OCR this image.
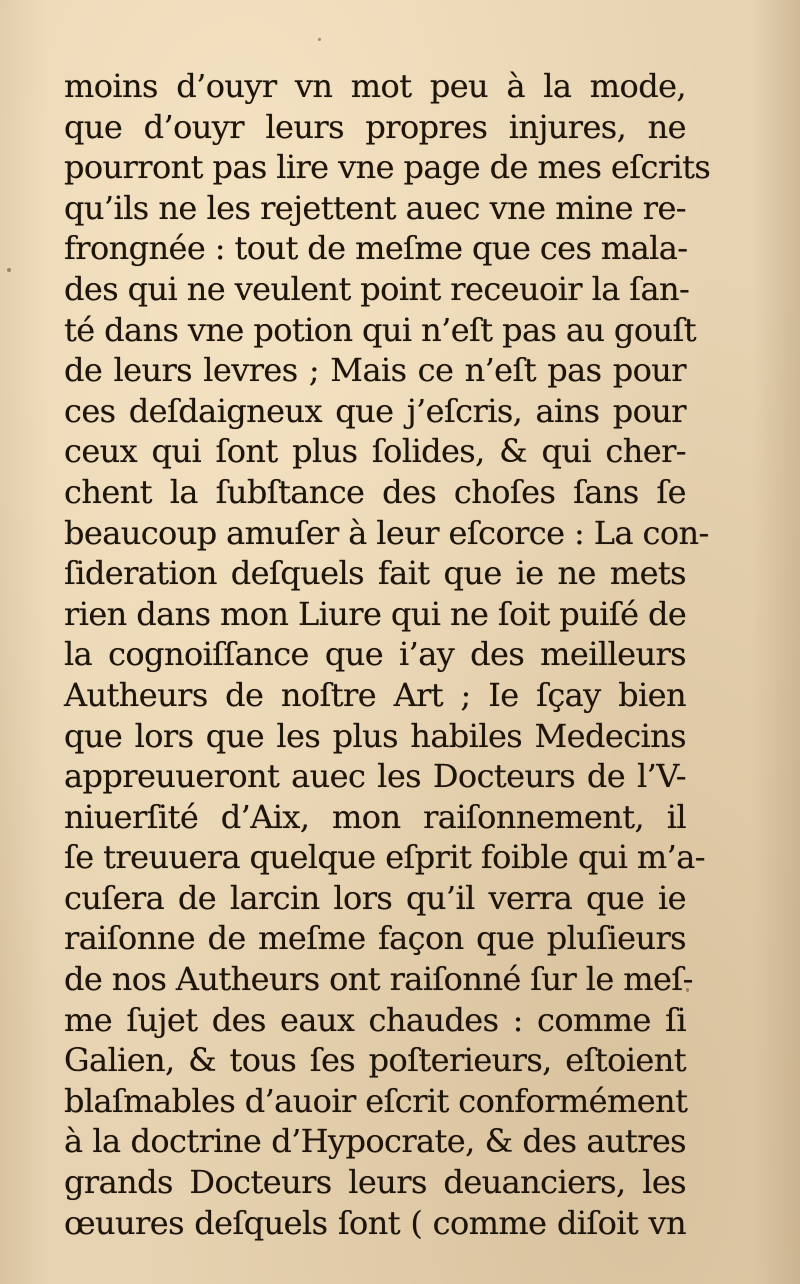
moins d’ouyr vn mot peu à la mode,
que d’ouyr leurs propres injures, ne
pourront pas lire vne page de mes eſcrits
qu’ils ne les rejettent auec vne mine re-
frongnée : tout de meſme que ces mala-
des qui ne veulent point receuoir la ſan-
té dans vne potion qui n’eſt pas au gouſt
de leurs levres ; Mais ce n’eſt pas pour
ces deſdaigneux que j’eſcris, ains pour
ceux qui ſont plus ſolides, & qui cher-
chent la ſubſtance des choſes ſans ſe
beaucoup amuſer à leur eſcorce : La con-
ſideration deſquels fait que ie ne mets
rien dans mon Liure qui ne ſoit puiſé de
la cognoiſſance que i’ay des meilleurs
Autheurs de noſtre Art ; Ie ſçay bien
que lors que les plus habiles Medecins
appreuueront auec les Docteurs de l’V-
niuerſité d’Aix, mon raiſonnement, il
ſe treuuera quelque eſprit foible qui m’a-
cuſera de larcin lors qu’il verra que ie
raiſonne de meſme façon que pluſieurs
de nos Autheurs ont raiſonné ſur le meſ-
me ſujet des eaux chaudes : comme ſi
Galien, & tous ſes poſterieurs, eſtoient
blaſmables d’auoir eſcrit conformément
à la doctrine d’Hypocrate, & des autres
grands Docteurs leurs deuanciers, les
œuures deſquels ſont ( comme diſoit vn
